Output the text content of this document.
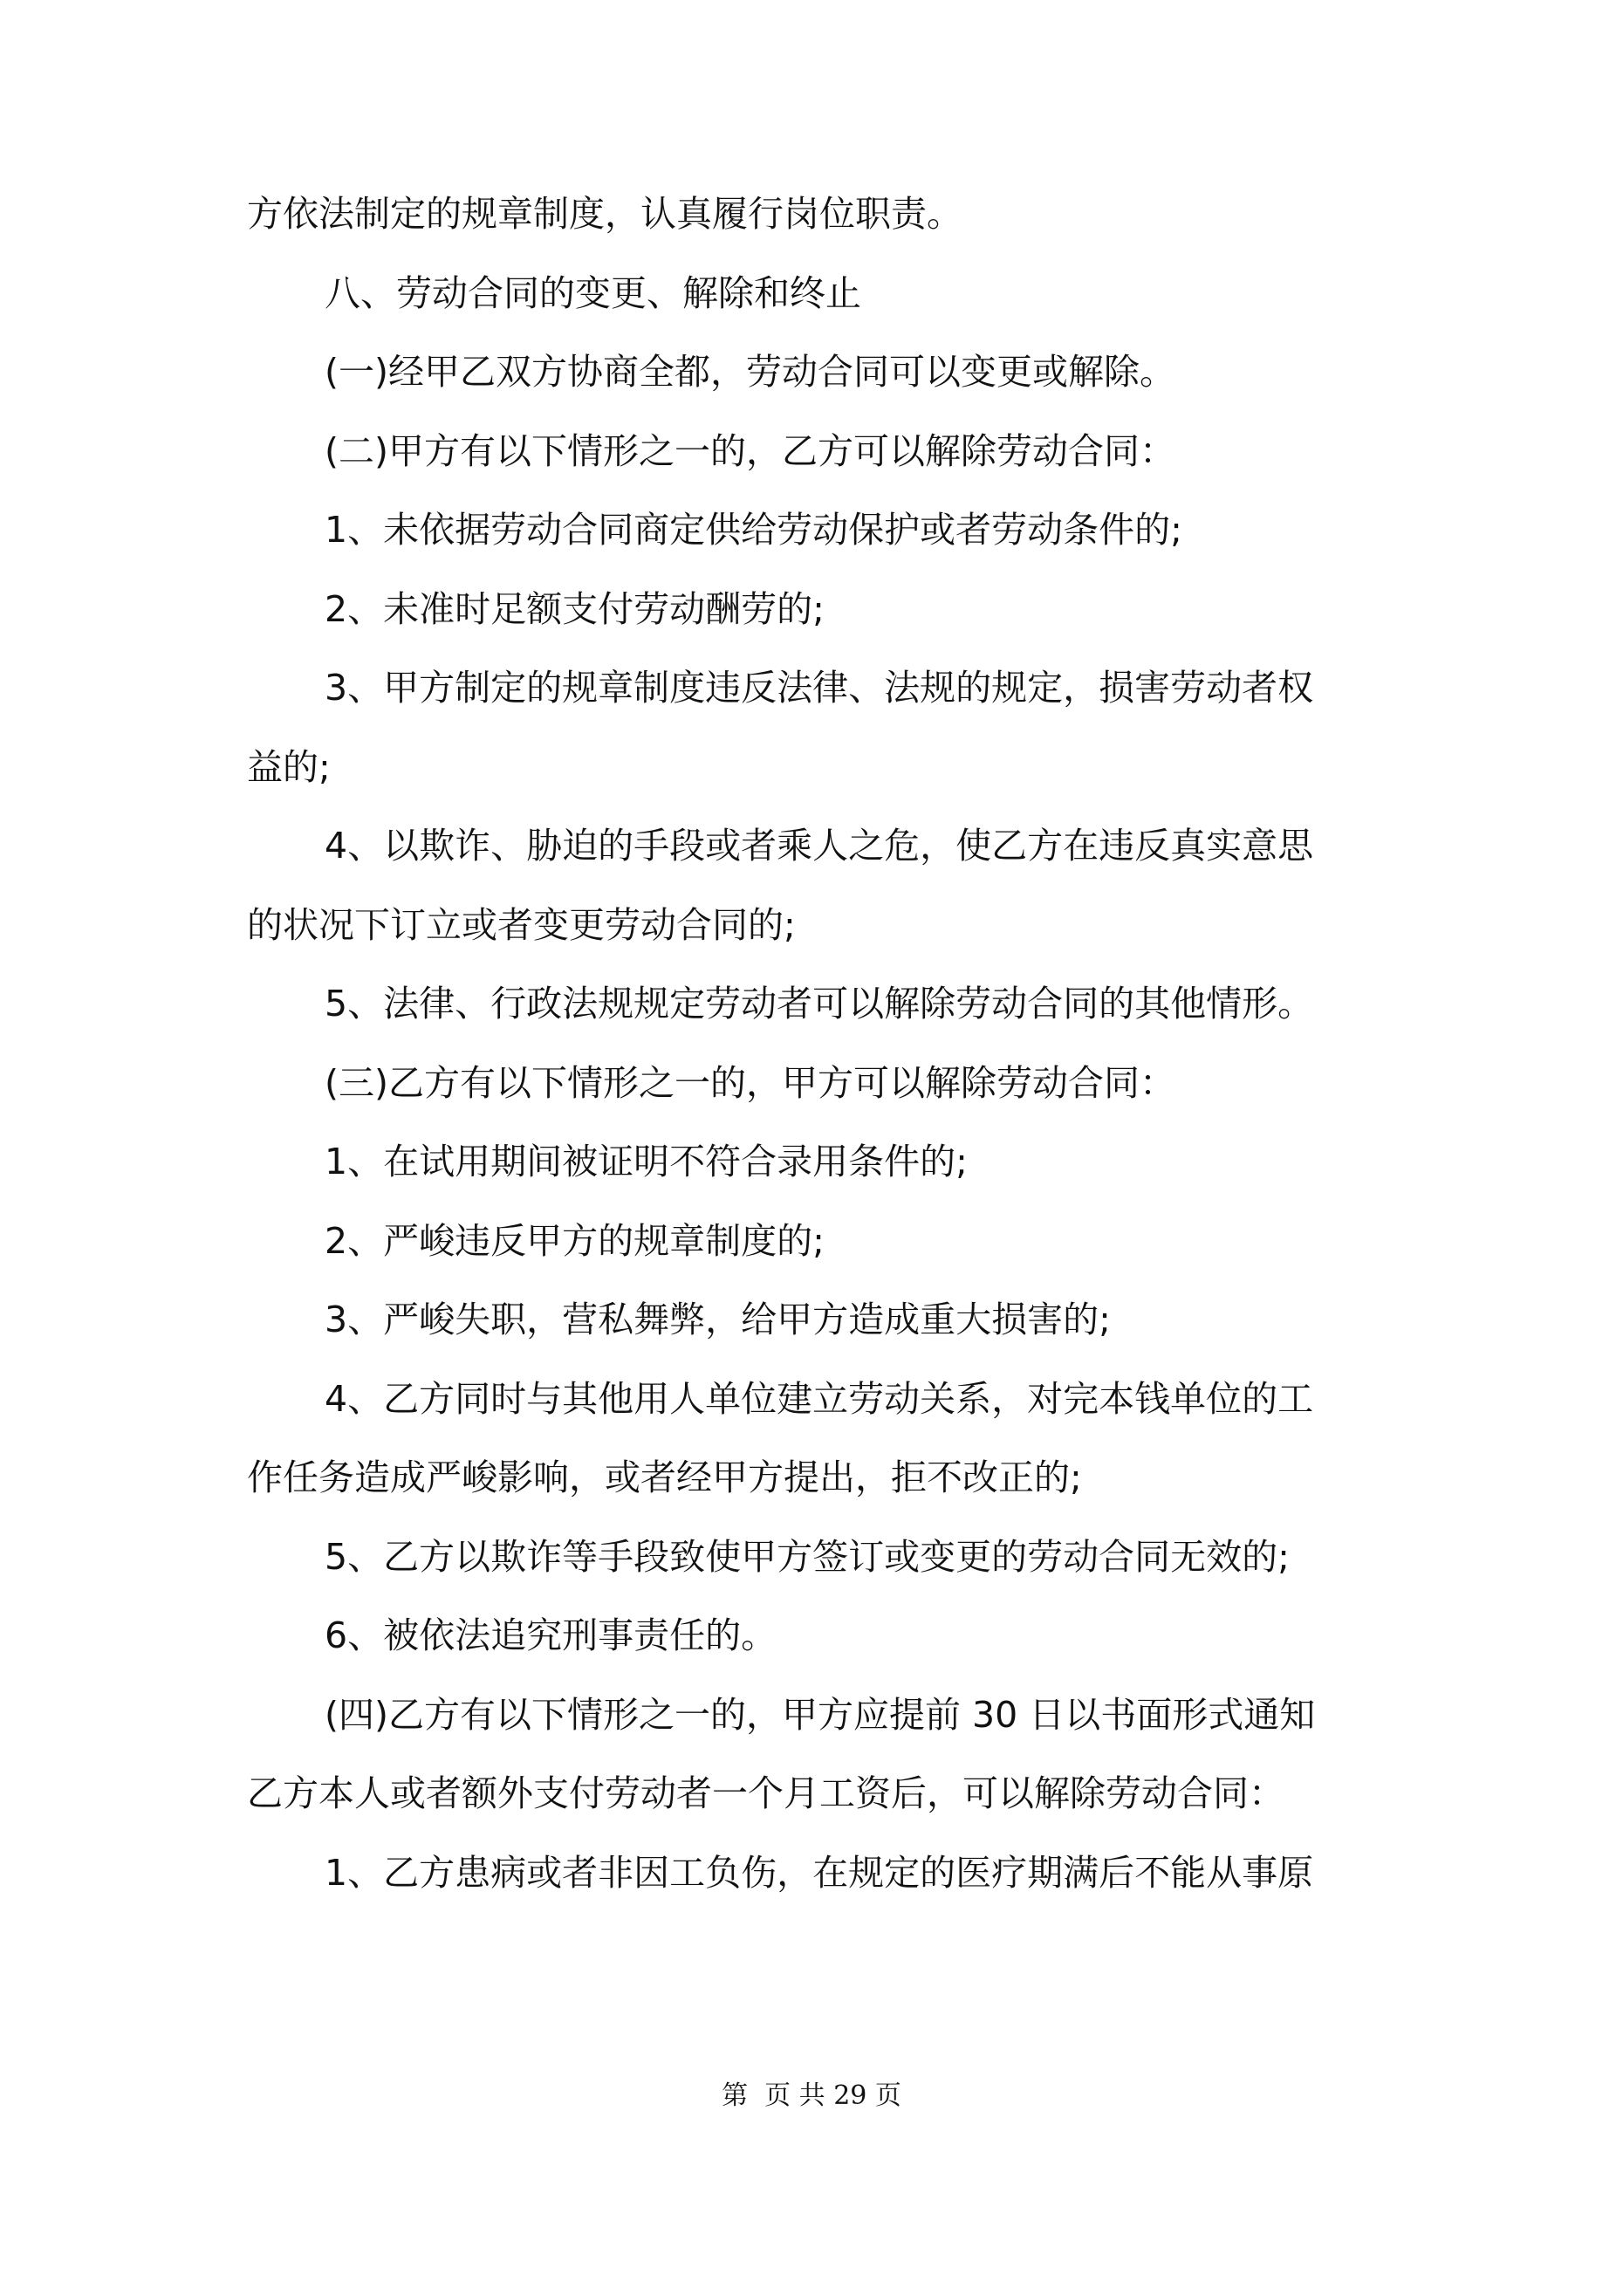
方依法制定的规章制度，认真履行岗位职责。
八、劳动合同的变更、解除和终止
(一)经甲乙双方协商全都，劳动合同可以变更或解除。
(二)甲方有以下情形之一的，乙方可以解除劳动合同：
1、未依据劳动合同商定供给劳动保护或者劳动条件的;
2、未准时足额支付劳动酬劳的;
3、甲方制定的规章制度违反法律、法规的规定，损害劳动者权
益的;
4、以欺诈、胁迫的手段或者乘人之危，使乙方在违反真实意思
的状况下订立或者变更劳动合同的;
5、法律、行政法规规定劳动者可以解除劳动合同的其他情形。
(三)乙方有以下情形之一的，甲方可以解除劳动合同：
1、在试用期间被证明不符合录用条件的;
2、严峻违反甲方的规章制度的;
3、严峻失职，营私舞弊，给甲方造成重大损害的;
4、乙方同时与其他用人单位建立劳动关系，对完本钱单位的工
作任务造成严峻影响，或者经甲方提出，拒不改正的;
5、乙方以欺诈等手段致使甲方签订或变更的劳动合同无效的;
6、被依法追究刑事责任的。
(四)乙方有以下情形之一的，甲方应提前 30 日以书面形式通知
乙方本人或者额外支付劳动者一个月工资后，可以解除劳动合同：
1、乙方患病或者非因工负伤，在规定的医疗期满后不能从事原
第  页 共 29 页
